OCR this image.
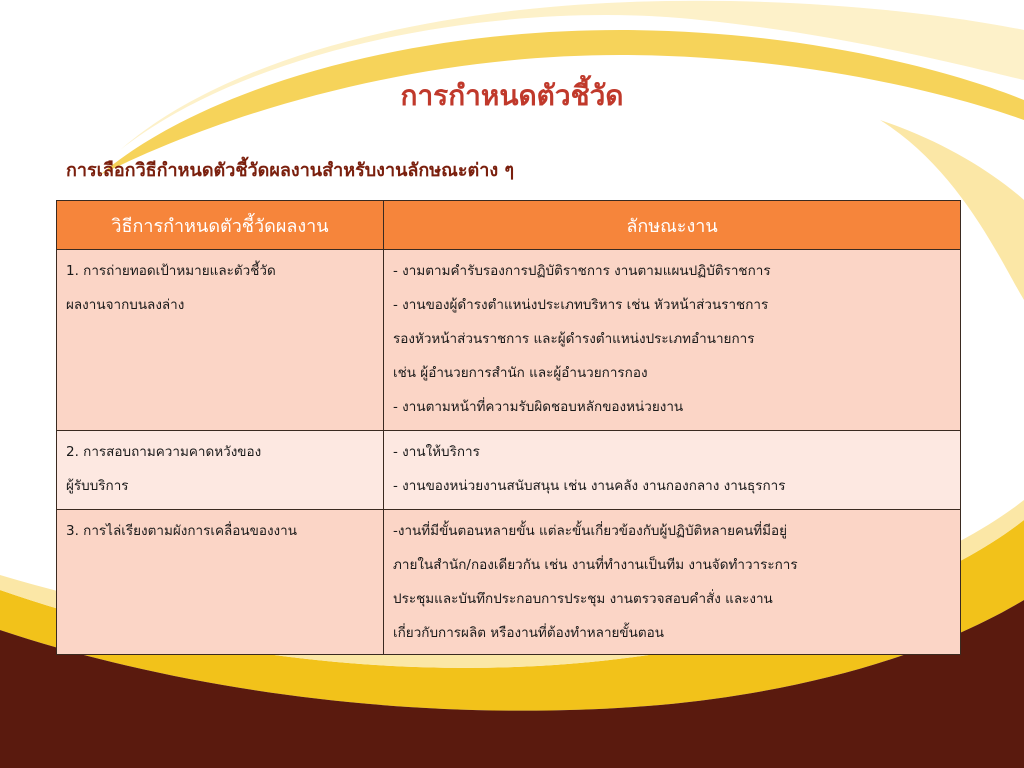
การกำหนดตัวชี้วัด
การเลือกวิธีกำหนดตัวชี้วัดผลงานสำหรับงานลักษณะต่าง ๆ
วิธีการกำหนดตัวชี้วัดผลงาน	ลักษณะงาน

1. การถ่ายทอดเป้าหมายและตัวชี้วัด
ผลงานจากบนลงล่าง	- งามตามคำรับรองการปฏิบัติราชการ งานตามแผนปฏิบัติราชการ
- งานของผู้ดำรงตำแหน่งประเภทบริหาร เช่น หัวหน้าส่วนราชการ
รองหัวหน้าส่วนราชการ และผู้ดำรงตำแหน่งประเภทอำนายการ
เช่น ผู้อำนวยการสำนัก และผู้อำนวยการกอง
- งานตามหน้าที่ความรับผิดชอบหลักของหน่วยงาน

2. การสอบถามความคาดหวังของ
ผู้รับบริการ	- งานให้บริการ
- งานของหน่วยงานสนับสนุน เช่น งานคลัง งานกองกลาง งานธุรการ

3. การไล่เรียงตามผังการเคลื่อนของงาน	-งานที่มีขั้นตอนหลายขั้น แต่ละขั้นเกี่ยวข้องกับผู้ปฏิบัติหลายคนที่มีอยู่
ภายในสำนัก/กองเดียวกัน เช่น งานที่ทำงานเป็นทีม งานจัดทำวาระการ
ประชุมและบันทึกประกอบการประชุม งานตรวจสอบคำสั่ง และงาน
เกี่ยวกับการผลิต หรืองานที่ต้องทำหลายขั้นตอน
